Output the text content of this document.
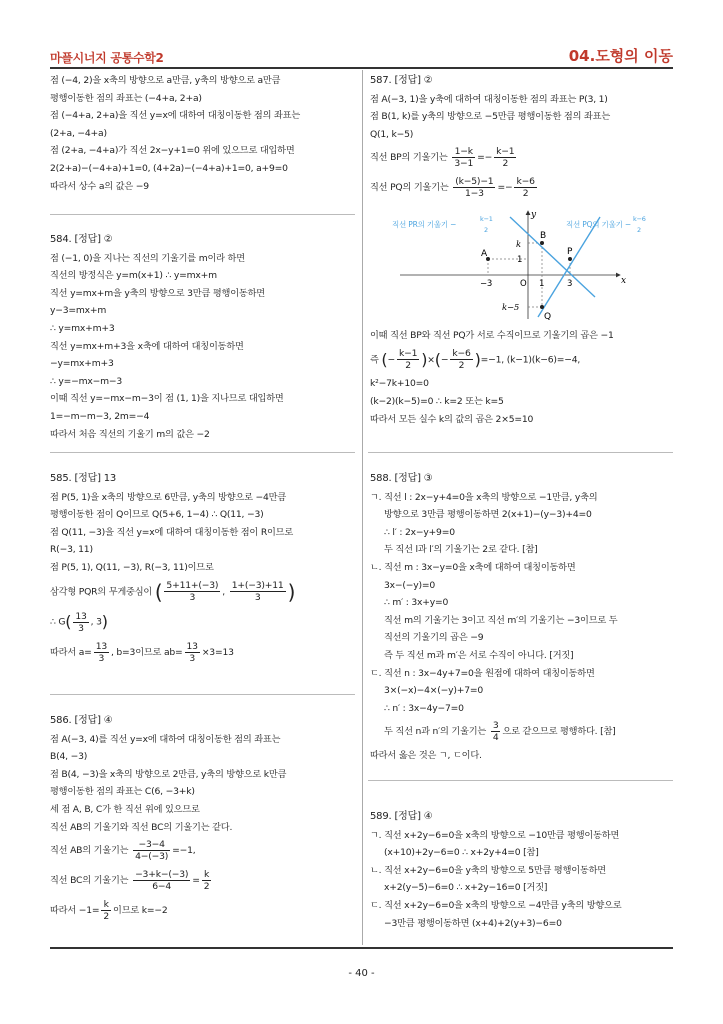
마플시너지 공통수학2	04.도형의 이동
점 (−4, 2)을 x축의 방향으로 a만큼, y축의 방향으로 a만큼
평행이동한 점의 좌표는 (−4+a, 2+a)
점 (−4+a, 2+a)을 직선 y=x에 대하여 대칭이동한 점의 좌표는
(2+a, −4+a)
점 (2+a, −4+a)가 직선 2x−y+1=0 위에 있으므로 대입하면
2(2+a)−(−4+a)+1=0, (4+2a)−(−4+a)+1=0, a+9=0
따라서 상수 a의 값은 −9
584. [정답] ②
점 (−1, 0)을 지나는 직선의 기울기를 m이라 하면
직선의 방정식은 y=m(x+1) ∴ y=mx+m
직선 y=mx+m을 y축의 방향으로 3만큼 평행이동하면
y−3=mx+m
∴ y=mx+m+3
직선 y=mx+m+3을 x축에 대하여 대칭이동하면
−y=mx+m+3
∴ y=−mx−m−3
이때 직선 y=−mx−m−3이 점 (1, 1)을 지나므로 대입하면
1=−m−m−3, 2m=−4
따라서 처음 직선의 기울기 m의 값은 −2
585. [정답] 13
점 P(5, 1)을 x축의 방향으로 6만큼, y축의 방향으로 −4만큼
평행이동한 점이 Q이므로 Q(5+6, 1−4) ∴ Q(11, −3)
점 Q(11, −3)을 직선 y=x에 대하여 대칭이동한 점이 R이므로
R(−3, 11)
점 P(5, 1), Q(11, −3), R(−3, 11)이므로
삼각형 PQR의 무게중심이 ( $\frac{5+11+(-3)}{3}$ , $\frac{1+(-3)+11}{3}$ )
∴ $G( \frac{13}{3}$ , 3)
따라서 $a= \frac{13}{3}$ , b=3이므로 $ab= \frac{13}{3} \times 3=13$
586. [정답] ④
점 A(−3, 4)를 직선 y=x에 대하여 대칭이동한 점의 좌표는
B(4, −3)
점 B(4, −3)을 x축의 방향으로 2만큼, y축의 방향으로 k만큼
평행이동한 점의 좌표는 C(6, −3+k)
세 점 A, B, C가 한 직선 위에 있으므로
직선 AB의 기울기와 직선 BC의 기울기는 같다.
직선 AB의 기울기는 $\frac{-3-4}{4-(-3)} =-1$,
직선 BC의 기울기는 $\frac{-3+k-(-3)}{6-4} = \frac{k}{2}$
따라서 $-1= \frac{k}{2}$ 이므로 k=−2
587. [정답] ②
점 A(−3, 1)을 y축에 대하여 대칭이동한 점의 좌표는 P(3, 1)
점 B(1, k)를 y축의 방향으로 −5만큼 평행이동한 점의 좌표는
Q(1, k−5)
직선 BP의 기울기는 $\frac{1-k}{3-1} =- \frac{k-1}{2}$
직선 PQ의 기울기는 $\frac{(k-5)-1}{1-3} =- \frac{k-6}{2}$
x
y
O
A
B
P
Q
k
1
k−5
−3	1	3
직선 PR의 기울기 −
k−1
2
직선 PQ의 기울기 −
k−6
2
이때 직선 BP와 직선 PQ가 서로 수직이므로 기울기의 곱은 −1
즉 (− $\frac{k-1}{2}$ )×(− $\frac{k-6}{2} )=-1$, (k−1)(k−6)=−4,
k²−7k+10=0
(k−2)(k−5)=0 ∴ k=2 또는 k=5
따라서 모든 실수 k의 값의 곱은 2×5=10
588. [정답] ③
ㄱ. 직선 l : 2x−y+4=0을 x축의 방향으로 −1만큼, y축의
방향으로 3만큼 평행이동하면 2(x+1)−(y−3)+4=0
∴ l′ : 2x−y+9=0
두 직선 l과 l′의 기울기는 2로 같다. [참]
ㄴ. 직선 m : 3x−y=0을 x축에 대하여 대칭이동하면
3x−(−y)=0
∴ m′ : 3x+y=0
직선 m의 기울기는 3이고 직선 m′의 기울기는 −3이므로 두
직선의 기울기의 곱은 −9
즉 두 직선 m과 m′은 서로 수직이 아니다. [거짓]
ㄷ. 직선 n : 3x−4y+7=0을 원점에 대하여 대칭이동하면
3×(−x)−4×(−y)+7=0
∴ n′ : 3x−4y−7=0
두 직선 n과 n′의 기울기는 $\frac{3}{4}$ 으로 같으므로 평행하다. [참]
따라서 옳은 것은 ㄱ, ㄷ이다.
589. [정답] ④
ㄱ. 직선 x+2y−6=0을 x축의 방향으로 −10만큼 평행이동하면
(x+10)+2y−6=0 ∴ x+2y+4=0 [참]
ㄴ. 직선 x+2y−6=0을 y축의 방향으로 5만큼 평행이동하면
x+2(y−5)−6=0 ∴ x+2y−16=0 [거짓]
ㄷ. 직선 x+2y−6=0을 x축의 방향으로 −4만큼 y축의 방향으로
−3만큼 평행이동하면 (x+4)+2(y+3)−6=0
- 40 -
